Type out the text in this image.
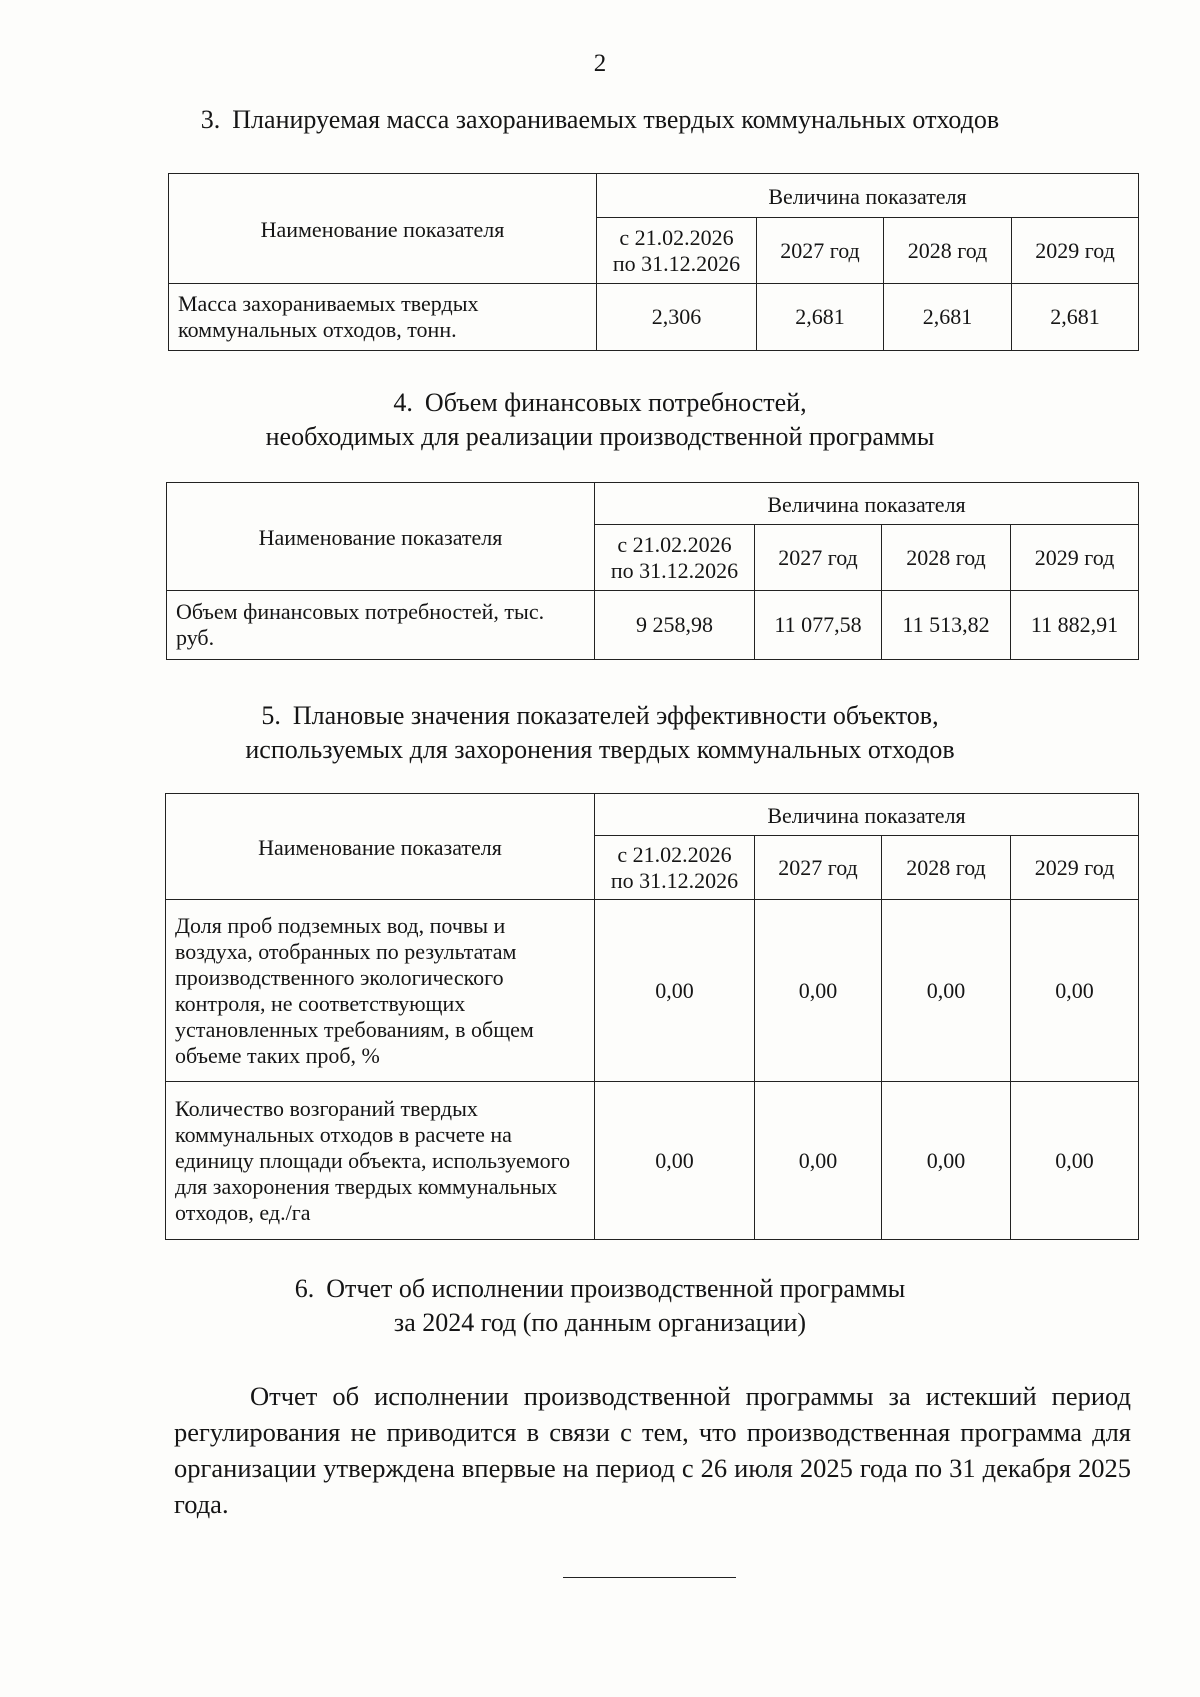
2
3. Планируемая масса захораниваемых твердых коммунальных отходов
Наименование показателя	Величина показателя			
	с 21.02.2026 по 31.12.2026	2027 год	2028 год	2029 год
Масса захораниваемых твердых коммунальных отходов, тонн.	2,306	2,681	2,681	2,681
4. Объем финансовых потребностей,
необходимых для реализации производственной программы
Наименование показателя	Величина показателя			
	с 21.02.2026 по 31.12.2026	2027 год	2028 год	2029 год
Объем финансовых потребностей, тыс. руб.	9 258,98	11 077,58	11 513,82	11 882,91
5. Плановые значения показателей эффективности объектов,
используемых для захоронения твердых коммунальных отходов
Наименование показателя	Величина показателя			
	с 21.02.2026 по 31.12.2026	2027 год	2028 год	2029 год
Доля проб подземных вод, почвы и воздуха, отобранных по результатам производственного экологического контроля, не соответствующих установленных требованиям, в общем объеме таких проб, %	0,00	0,00	0,00	0,00
Количество возгораний твердых коммунальных отходов в расчете на единицу площади объекта, используемого для захоронения твердых коммунальных отходов, ед./га	0,00	0,00	0,00	0,00
6. Отчет об исполнении производственной программы
за 2024 год (по данным организации)
Отчет об исполнении производственной программы за истекший период регулирования не приводится в связи с тем, что производственная программа для организации утверждена впервые на период с 26 июля 2025 года по 31 декабря 2025 года.
